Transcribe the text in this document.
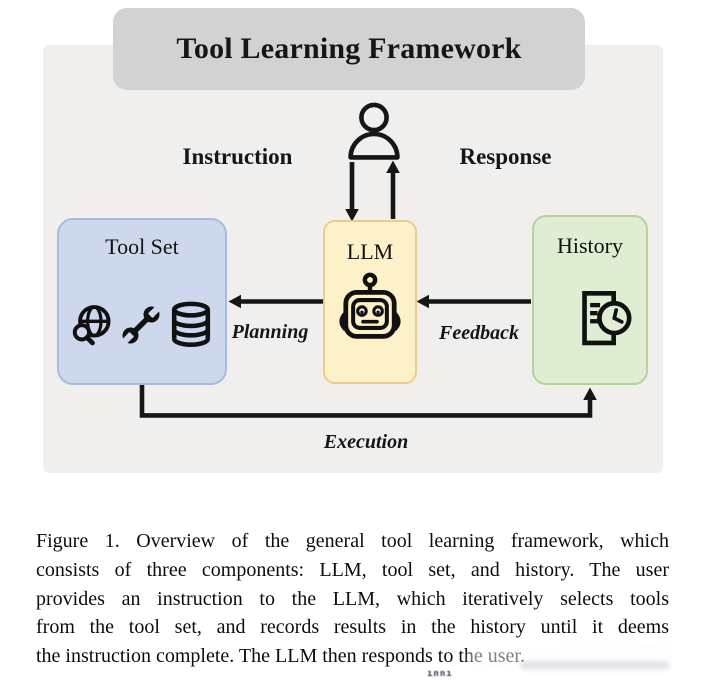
Tool Learning Framework
Instruction	Response
Tool Set	LLM	History
Planning	Feedback
Execution
Figure 1. Overview of the general tool learning framework, which
consists of three components: LLM, tool set, and history. The user
provides an instruction to the LLM, which iteratively selects tools
from the tool set, and records results in the history until it deems
the instruction complete. The LLM then responds to the user.
ınnı
